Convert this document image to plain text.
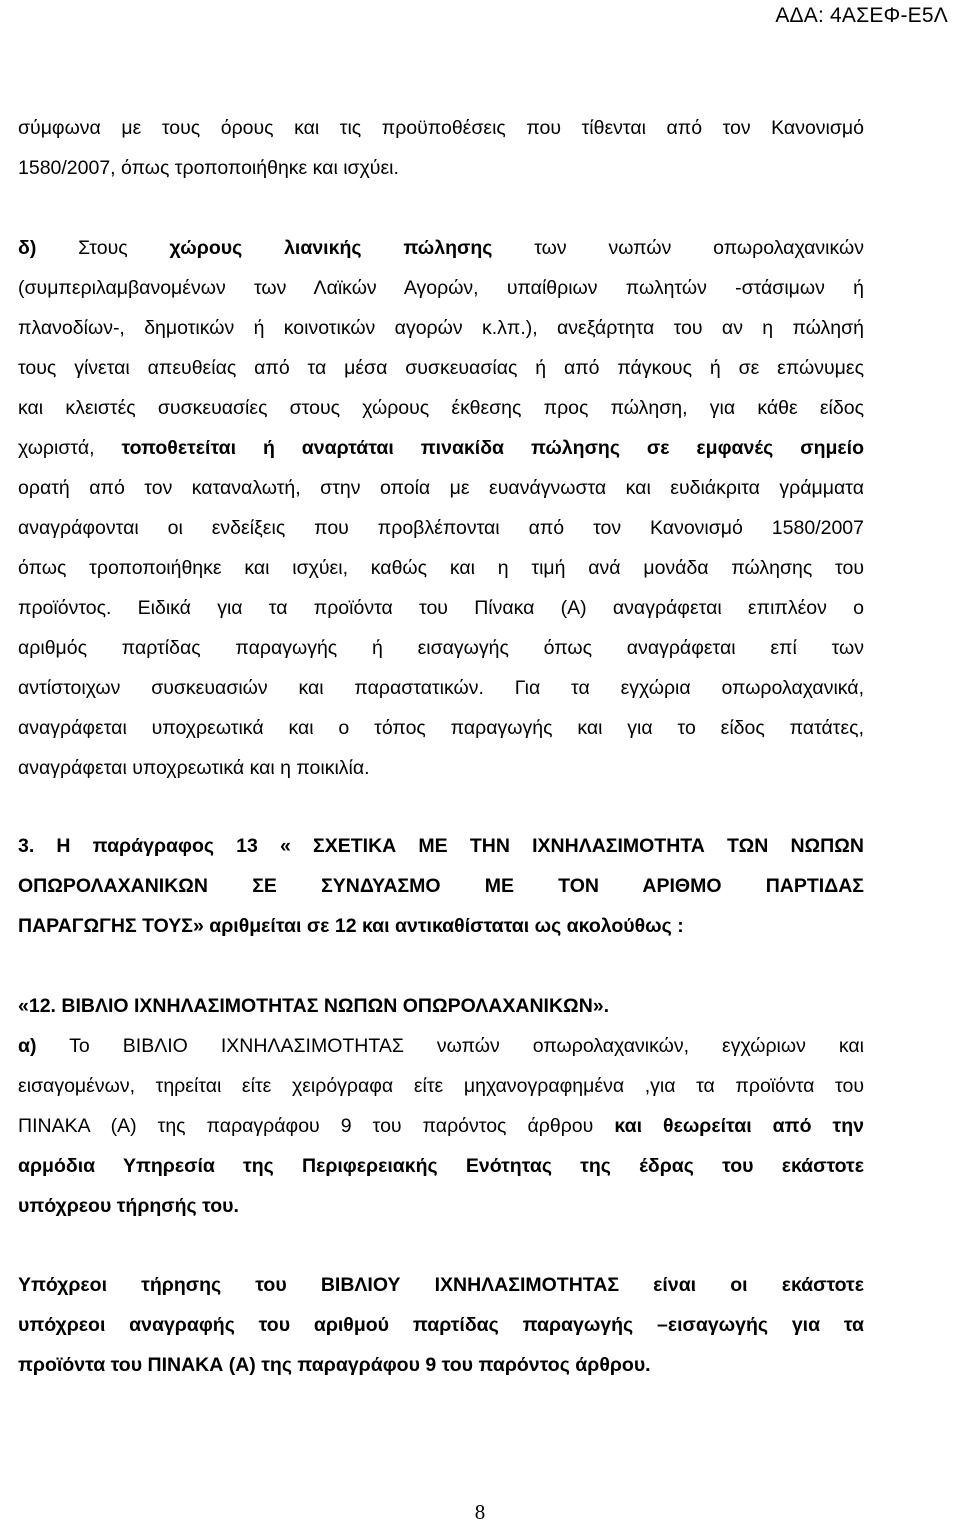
ΑΔΑ: 4ΑΣΕΦ-Ε5Λ
σύμφωνα με τους όρους και τις προϋποθέσεις που τίθενται από τον Κανονισμό
1580/2007, όπως τροποποιήθηκε και ισχύει.
δ) Στους χώρους λιανικής πώλησης των νωπών οπωρολαχανικών
(συμπεριλαμβανομένων των Λαϊκών Αγορών, υπαίθριων πωλητών -στάσιμων ή
πλανοδίων-, δημοτικών ή κοινοτικών αγορών κ.λπ.), ανεξάρτητα του αν η πώλησή
τους γίνεται απευθείας από τα μέσα συσκευασίας ή από πάγκους ή σε επώνυμες
και κλειστές συσκευασίες στους χώρους έκθεσης προς πώληση, για κάθε είδος
χωριστά, τοποθετείται ή αναρτάται πινακίδα πώλησης σε εμφανές σημείο
ορατή από τον καταναλωτή, στην οποία με ευανάγνωστα και ευδιάκριτα γράμματα
αναγράφονται οι ενδείξεις που προβλέπονται από τον Κανονισμό 1580/2007
όπως τροποποιήθηκε και ισχύει, καθώς και η τιμή ανά μονάδα πώλησης του
προϊόντος. Ειδικά για τα προϊόντα του Πίνακα (Α) αναγράφεται επιπλέον ο
αριθμός παρτίδας παραγωγής ή εισαγωγής όπως αναγράφεται επί των
αντίστοιχων συσκευασιών και παραστατικών. Για τα εγχώρια οπωρολαχανικά,
αναγράφεται υποχρεωτικά και ο τόπος παραγωγής και για το είδος πατάτες,
αναγράφεται υποχρεωτικά και η ποικιλία.
3. Η παράγραφος 13 « ΣΧΕΤΙΚΑ ΜΕ ΤΗΝ ΙΧΝΗΛΑΣΙΜΟΤΗΤΑ ΤΩΝ ΝΩΠΩΝ
ΟΠΩΡΟΛΑΧΑΝΙΚΩΝ ΣΕ ΣΥΝΔΥΑΣΜΟ ΜΕ ΤΟΝ ΑΡΙΘΜΟ ΠΑΡΤΙΔΑΣ
ΠΑΡΑΓΩΓΗΣ ΤΟΥΣ» αριθμείται σε 12 και αντικαθίσταται ως ακολούθως :
«12. ΒΙΒΛΙΟ ΙΧΝΗΛΑΣΙΜΟΤΗΤΑΣ ΝΩΠΩΝ ΟΠΩΡΟΛΑΧΑΝΙΚΩΝ».
α) Το ΒΙΒΛΙΟ ΙΧΝΗΛΑΣΙΜΟΤΗΤΑΣ νωπών οπωρολαχανικών, εγχώριων και
εισαγομένων, τηρείται είτε χειρόγραφα είτε μηχανογραφημένα ,για τα προϊόντα του
ΠΙΝΑΚΑ (Α) της παραγράφου 9 του παρόντος άρθρου και θεωρείται από την
αρμόδια Υπηρεσία της Περιφερειακής Ενότητας της έδρας του εκάστοτε
υπόχρεου τήρησής του.
Υπόχρεοι τήρησης του ΒΙΒΛΙΟΥ ΙΧΝΗΛΑΣΙΜΟΤΗΤΑΣ είναι οι εκάστοτε
υπόχρεοι αναγραφής του αριθμού παρτίδας παραγωγής –εισαγωγής για τα
προϊόντα του ΠΙΝΑΚΑ (Α) της παραγράφου 9 του παρόντος άρθρου.
8
